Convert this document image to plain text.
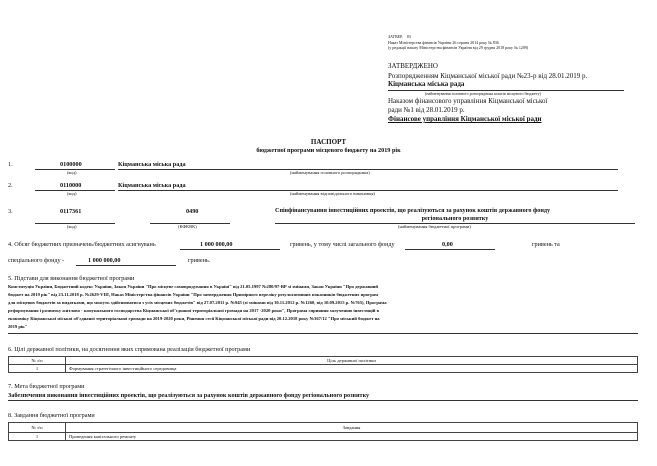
ЗАТВЕР. 83
Наказ Міністерства фінансів України 26 серпня 2014 року № 836
(у редакції наказу Міністерства фінансів України від 29 грудня 2018 року № 1209)
ЗАТВЕРДЖЕНО
Розпорядженням Кіцманської міської ради №23-р від 28.01.2019 р.
Кіцманська міська рада
(найменування головного розпорядника коштів місцевого бюджету)
Наказом фінансового управління Кіцманської міської
ради №1 від 28.01.2019 р.
Фінансове управління Кіцманської міської ради
ПАСПОРТ
бюджетної програми місцевого бюджету на 2019 рік
1.	0100000	Кіцманська міська рада
(код)	(найменування головного розпорядника)
2.	0110000	Кіцманська міська рада
(код)	(найменування відповідального виконавця)
3.	0117361	0490	Співфінансування інвестиційних проектів, що реалізуються за рахунок коштів державного фонду
регіонального розвитку
(код)	(КФКВК)	(найменування бюджетної програми)
4. Обсяг бюджетних призначень/бюджетних асигнувань	1 000 000,00	гривень, у тому числі загального фонду	0,00	гривень та
спеціального фонду -	1 000 000,00	гривень.
5. Підстави для виконання бюджетної програми
Конституція України, Бюджетний кодекс України, Закон України "Про місцеве самоврядування в Україні" від 21.05.1997 №280/97-ВР зі змінами, Закон України "Про державний
бюджет на 2019 рік" від 23.11.2018 р. №2629-VIII, Наказ Міністерства фінансів України "Про затвердження Примірного переліку результативних показників бюджетних програм
для місцевих бюджетів за видатками, що можуть здійснюватися з усіх місцевих бюджетів" від 27.07.2011 р. №945 (зі змінами від 30.11.2012 р. №1260, від 10.09.2015 р. №765), Програма
реформування і розвитку житлово - комунального господарства Кіцманської об'єднаної територіальної громади на 2017 -2020 роки", Програма сприяння залученню інвестицій в
економіку Кіцманської міської об'єднаної територіальної громади на 2019-2020 роки, Рішення сесії Кіцманської міської ради від 20.12.2018 року №367/12 "Про міський бюджет на
2019 рік"
6. Цілі державної політики, на досягнення яких спрямована реалізація бюджетної програми
№ з/п	Ціль державної політики
1	Формування стратегічного інвестиційного середовища
7. Мета бюджетної програми
Забезпечення виконання інвестиційних проектів, що реалізуються за рахунок коштів державного фонду регіонального розвитку
8. Завдання бюджетної програми
№ з/п	Завдання
1	Проведення капітального ремонту
